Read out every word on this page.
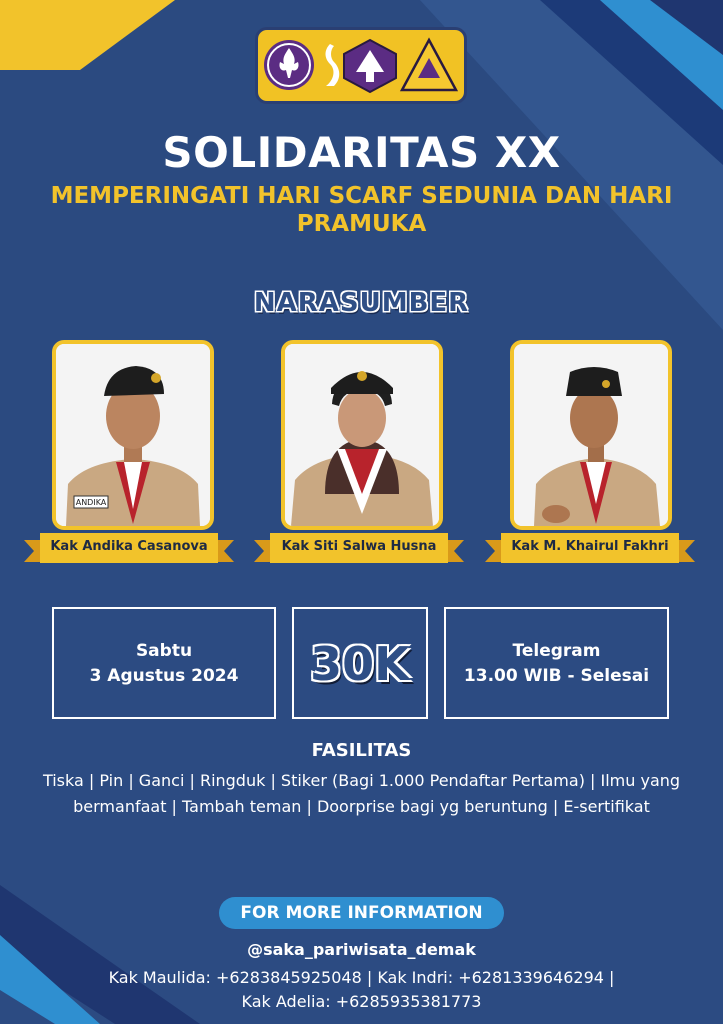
SOLIDARITAS XX
MEMPERINGATI HARI SCARF SEDUNIA DAN HARI PRAMUKA
NARASUMBER
ANDIKA
Kak Andika Casanova	Kak Siti Salwa Husna	Kak M. Khairul Fakhri
Sabtu
3 Agustus 2024	30K	Telegram
13.00 WIB - Selesai
FASILITAS
Tiska | Pin | Ganci | Ringduk | Stiker (Bagi 1.000 Pendaftar Pertama) | Ilmu yang bermanfaat | Tambah teman | Doorprise bagi yg beruntung | E-sertifikat
FOR MORE INFORMATION
@saka_pariwisata_demak
Kak Maulida: +6283845925048 | Kak Indri: +6281339646294 |
Kak Adelia: +6285935381773
